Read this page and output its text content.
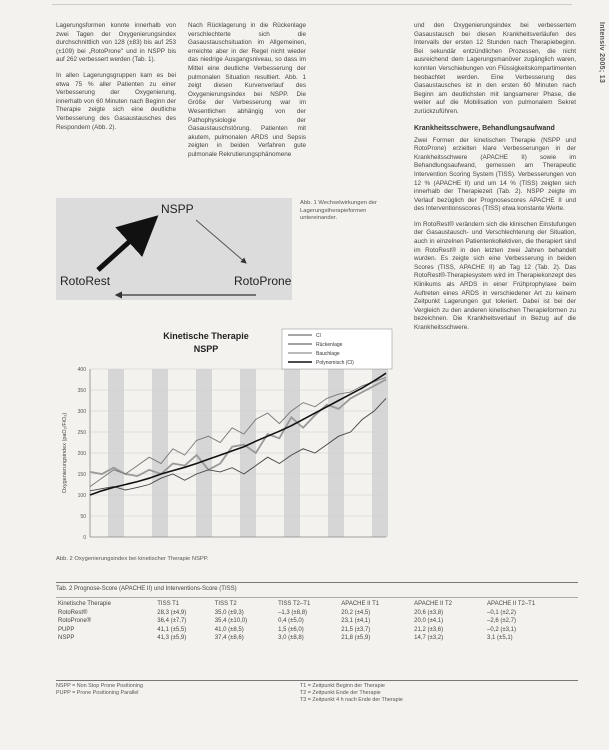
Intensiv 2005; 13

Lagerungsformen konnte innerhalb von zwei Tagen der Oxygenierungsindex durchschnittlich von 128 (±83) bis auf 253 (±109) bei „RotoProne" und in NSPP bis auf 262 verbessert werden (Tab. 1).

In allen Lagerungsgruppen kam es bei etwa 75 % aller Patienten zu einer Verbesserung der Oxygenierung, innerhalb von 60 Minuten nach Beginn der Therapie zeigte sich eine deutliche Verbesserung des Gasaustausches des Respondern (Abb. 2).

Nach Rücklagerung in die Rückenlage verschlechterte sich die Gasaustauschsituation im Allgemeinen, erreichte aber in der Regel nicht wieder das niedrige Ausgangsniveau, so dass im Mittel eine deutliche Verbesserung der pulmonalen Situation resultiert. Abb. 1 zeigt diesen Kurvenverlauf des Oxygenierungsindex bei NSPP. Die Größe der Verbesserung war im Wesentlichen abhängig von der Pathophysiologie der Gasaustauschstörung. Patienten mit akutem, pulmonalen ARDS und Sepsis zeigten in beiden Verfahren gute pulmonale Rekrutierungsphänomene

und den Oxygenierungsindex bei verbessertem Gasaustausch bei diesen Krankheitsverläufen des Intervalls der ersten 12 Stunden nach Therapiebeginn. Bei sekundär entzündlichen Prozessen, die nicht ausreichend dem Lagerungsmanöver zugänglich waren, konnten Verschiebungen von Flüssigkeitskompartimenten beobachtet werden. Eine Verbesserung des Gasaustausches ist in den ersten 60 Minuten nach Beginn am deutlichsten mit langsamerer Phase, die weiter auf die Mobilisation von pulmonalem Sekret zurückzuführen.

Krankheitsschwere, Behandlungsaufwand

Zwei Formen der kinetischen Therapie (NSPP und RotoProne) erzielten klare Verbesserungen in der Krankheitsschwere (APACHE II) sowie im Behandlungsaufwand, gemessen am Therapeutic Intervention Scoring System (TISS). Verbesserungen von 12 % (APACHE II) und um 14 % (TISS) zeigten sich innerhalb der Therapiezeit (Tab. 2). NSPP zeigte im Verlauf bezüglich der Prognosescores APACHE II und des Interventionsscores (TISS) etwa konstante Werte.

Im RotoRest® verändern sich die klinischen Einstufungen der Gasaustausch- und Verschlechterung der Situation, auch in einzelnen Patientenkollektiven, die therapiert sind im RotoRest® in den letzten zwei Jahren behandelt wurden. Es zeigte sich eine Verbesserung in beiden Scores (TISS, APACHE II) ab Tag 12 (Tab. 2). Das RotoRest®-Therapiesystem wird im Therapiekonzept des Klinikums als ARDS in einer Frühprophylaxe beim Auftreten eines ARDS in verschiedener Art zu keinem Zeitpunkt Lagerungen gut toleriert. Dabei ist bei der Vergleich zu den anderen kinetischen Therapieformen zu bezeichnen. Die Krankheitsverlauf in Bezug auf die Krankheitsschwere.

NSPP
RotoRest	RotoProne
Abb. 1 Wechselwirkungen der Lagerungstherapieformen untereinander.
400
350
300
250
200
150
100
50
0
Oxygenierungsindex (paO₂/FiO₂)
Kinetische Therapie
NSPP
Cl
Rückenlage
Bauchlage
Polynomisch (Cl)
Abb. 2 Oxygenierungsindex bei kinetischer Therapie NSPP.
Tab. 2 Prognose-Score (APACHE II) und Interventions-Score (TISS)
Kinetische Therapie	TISS T1	TISS T2	TISS T2–T1	APACHE II T1	APACHE II T2	APACHE II T2–T1
RotoRest®	28,3 (±4,9)	35,0 (±9,3)	–1,3 (±8,8)	20,2 (±4,5)	20,6 (±3,8)	–0,1 (±2,2)
RotoProne®	36,4 (±7,7)	35,4 (±10,0)	0,4 (±5,0)	23,1 (±4,1)	20,0 (±4,1)	–2,6 (±2,7)
PUPP	41,1 (±5,5)	41,0 (±8,5)	1,5 (±6,0)	21,5 (±3,7)	21,2 (±3,6)	–0,2 (±3,1)
NSPP	41,3 (±5,9)	37,4 (±8,6)	3,0 (±8,8)	21,8 (±5,9)	14,7 (±3,2)	3,1 (±5,1)
NSPP = Non Stop Prone Positioning
PUPP = Prone Positioning Parallel
T1 = Zeitpunkt Beginn der Therapie
T2 = Zeitpunkt Ende der Therapie
T3 = Zeitpunkt 4 h nach Ende der Therapie
